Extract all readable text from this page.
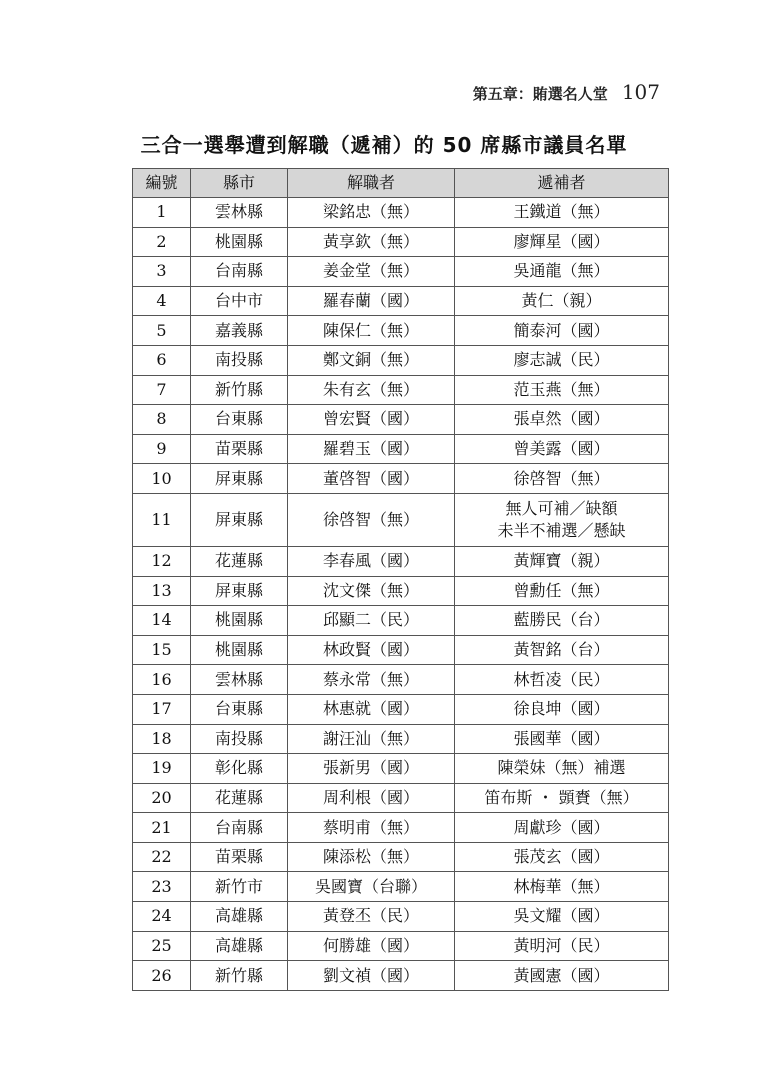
第五章：賄選名人堂 107
三合一選舉遭到解職（遞補）的 50 席縣市議員名單
編號	縣市	解職者	遞補者
1	雲林縣	梁銘忠（無）	王鐵道（無）
2	桃園縣	黃享欽（無）	廖輝星（國）
3	台南縣	姜金堂（無）	吳通龍（無）
4	台中市	羅春蘭（國）	黃仁（親）
5	嘉義縣	陳保仁（無）	簡泰河（國）
6	南投縣	鄭文銅（無）	廖志誠（民）
7	新竹縣	朱有玄（無）	范玉燕（無）
8	台東縣	曾宏賢（國）	張卓然（國）
9	苗栗縣	羅碧玉（國）	曾美露（國）
10	屏東縣	董啓智（國）	徐啓智（無）
11	屏東縣	徐啓智（無）	無人可補／缺額
未半不補選／懸缺

12	花蓮縣	李春風（國）	黃輝寶（親）
13	屏東縣	沈文傑（無）	曾勳任（無）
14	桃園縣	邱顯二（民）	藍勝民（台）
15	桃園縣	林政賢（國）	黃智銘（台）
16	雲林縣	蔡永常（無）	林哲凌（民）
17	台東縣	林惠就（國）	徐良坤（國）
18	南投縣	謝汪汕（無）	張國華（國）
19	彰化縣	張新男（國）	陳榮妹（無）補選
20	花蓮縣	周利根（國）	笛布斯 ・ 顗賚（無）
21	台南縣	蔡明甫（無）	周獻珍（國）
22	苗栗縣	陳添松（無）	張茂玄（國）
23	新竹市	吳國寶（台聯）	林梅華（無）
24	高雄縣	黃登丕（民）	吳文耀（國）
25	高雄縣	何勝雄（國）	黃明河（民）
26	新竹縣	劉文禎（國）	黃國憲（國）
